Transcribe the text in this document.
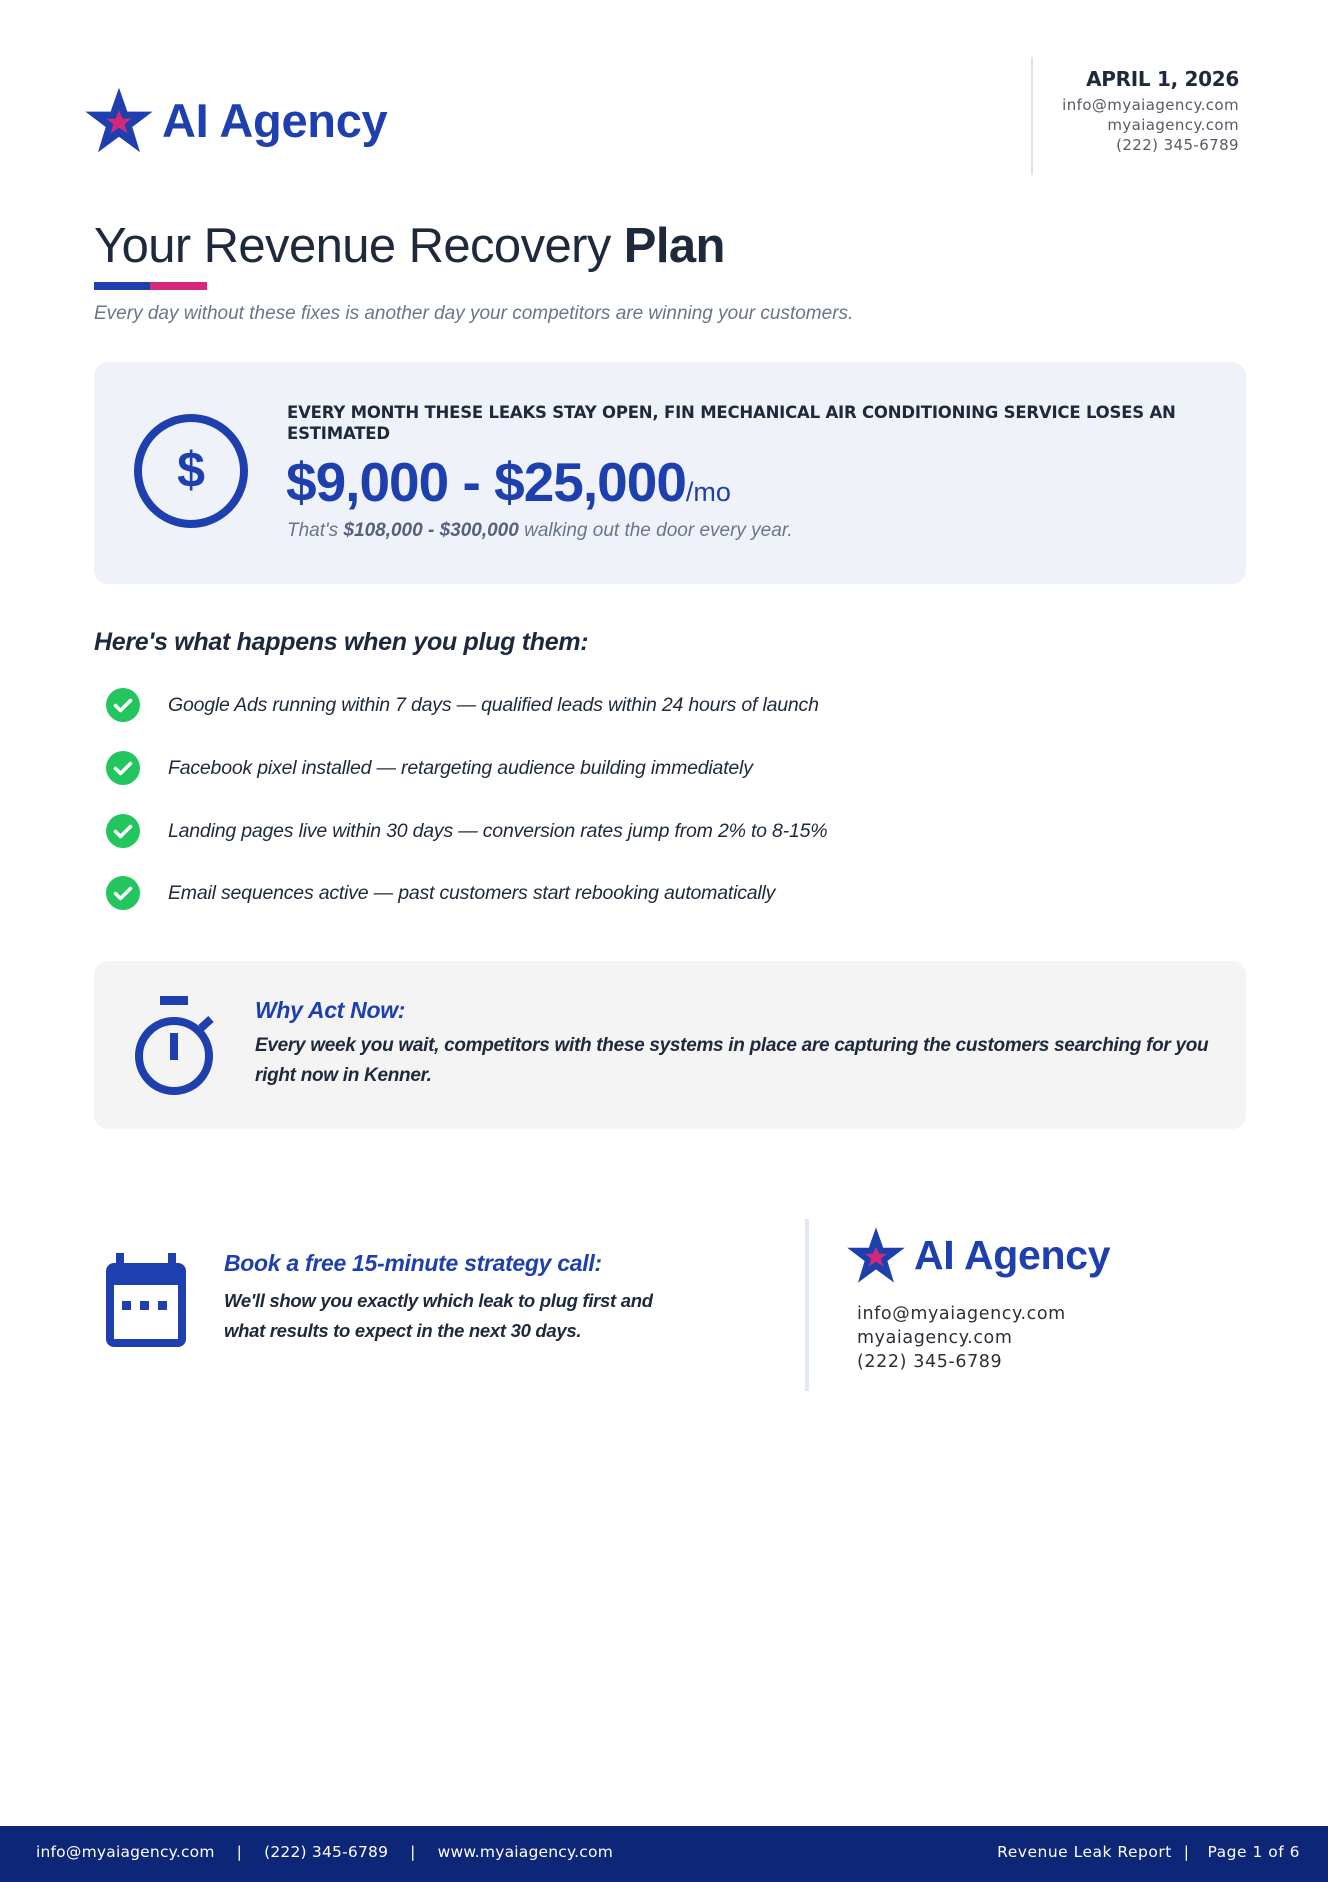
AI Agency
APRIL 1, 2026
info@myaiagency.com
myaiagency.com
(222) 345-6789
Your Revenue Recovery Plan

Every day without these fixes is another day your competitors are winning your customers.

$
EVERY MONTH THESE LEAKS STAY OPEN, FIN MECHANICAL AIR CONDITIONING SERVICE LOSES AN ESTIMATED
$9,000 - $25,000/mo
That's $108,000 - $300,000 walking out the door every year.
Here's what happens when you plug them:
Google Ads running within 7 days — qualified leads within 24 hours of launch
Facebook pixel installed — retargeting audience building immediately
Landing pages live within 30 days — conversion rates jump from 2% to 8-15%
Email sequences active — past customers start rebooking automatically
Why Act Now:
Every week you wait, competitors with these systems in place are capturing the customers searching for you right now in Kenner.
Book a free 15-minute strategy call:
We'll show you exactly which leak to plug first and what results to expect in the next 30 days.
AI Agency
info@myaiagency.com
myaiagency.com
(222) 345-6789
info@myaiagency.com | (222) 345-6789 | www.myaiagency.com	Revenue Leak Report | Page 1 of 6
